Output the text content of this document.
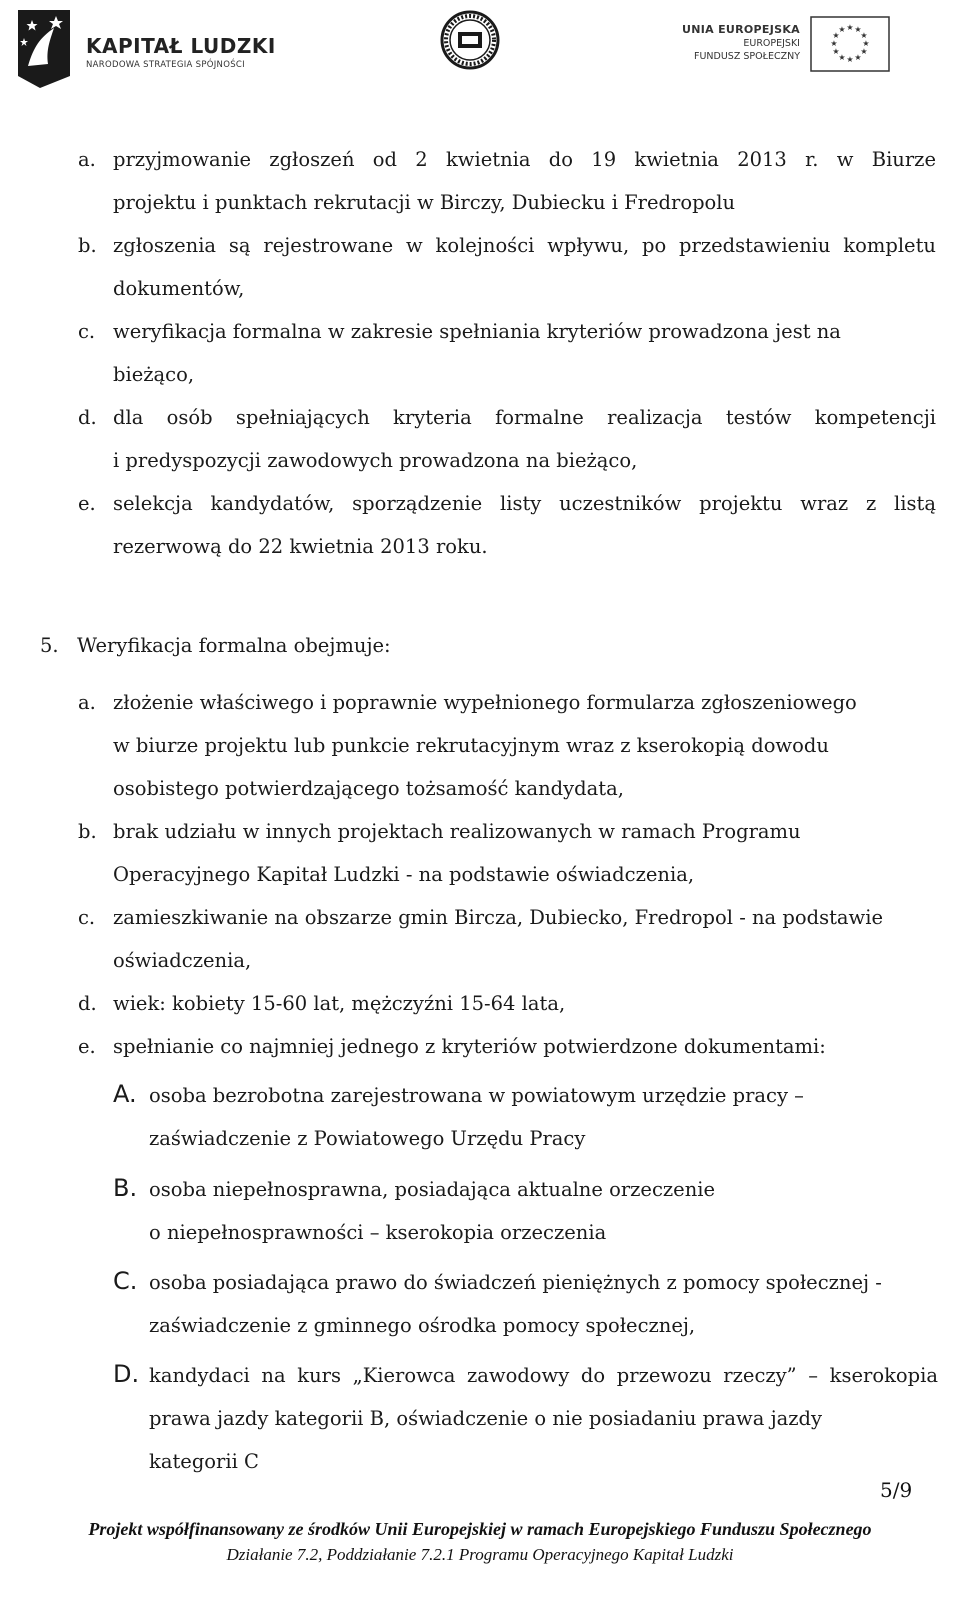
KAPITAŁ LUDZKI
NARODOWA STRATEGIA SPÓJNOŚCI
UNIA EUROPEJSKA
EUROPEJSKI
FUNDUSZ SPOŁECZNY
★ ★
★
★
★
★
★
★
★
★
★
★
a. przyjmowanie zgłoszeń od 2 kwietnia do 19 kwietnia 2013 r. w Biurze
projektu i punktach rekrutacji w Birczy, Dubiecku i Fredropolu
b. zgłoszenia są rejestrowane w kolejności wpływu, po przedstawieniu kompletu
dokumentów,
c. weryfikacja formalna w zakresie spełniania kryteriów prowadzona jest na
bieżąco,
d. dla osób spełniających kryteria formalne realizacja testów kompetencji
i predyspozycji zawodowych prowadzona na bieżąco,
e. selekcja kandydatów, sporządzenie listy uczestników projektu wraz z listą
rezerwową do 22 kwietnia 2013 roku.
5. Weryfikacja formalna obejmuje:
a. złożenie właściwego i poprawnie wypełnionego formularza zgłoszeniowego
w biurze projektu lub punkcie rekrutacyjnym wraz z kserokopią dowodu
osobistego potwierdzającego tożsamość kandydata,
b. brak udziału w innych projektach realizowanych w ramach Programu
Operacyjnego Kapitał Ludzki - na podstawie oświadczenia,
c. zamieszkiwanie na obszarze gmin Bircza, Dubiecko, Fredropol - na podstawie
oświadczenia,
d. wiek: kobiety 15-60 lat, mężczyźni 15-64 lata,
e. spełnianie co najmniej jednego z kryteriów potwierdzone dokumentami:
A. osoba bezrobotna zarejestrowana w powiatowym urzędzie pracy –
zaświadczenie z Powiatowego Urzędu Pracy
B. osoba niepełnosprawna, posiadająca aktualne orzeczenie
o niepełnosprawności – kserokopia orzeczenia
C. osoba posiadająca prawo do świadczeń pieniężnych z pomocy społecznej -
zaświadczenie z gminnego ośrodka pomocy społecznej,
D. kandydaci na kurs „Kierowca zawodowy do przewozu rzeczy” – kserokopia
prawa jazdy kategorii B, oświadczenie o nie posiadaniu prawa jazdy
kategorii C
5/9
Projekt współfinansowany ze środków Unii Europejskiej w ramach Europejskiego Funduszu Społecznego
Działanie 7.2, Poddziałanie 7.2.1 Programu Operacyjnego Kapitał Ludzki
